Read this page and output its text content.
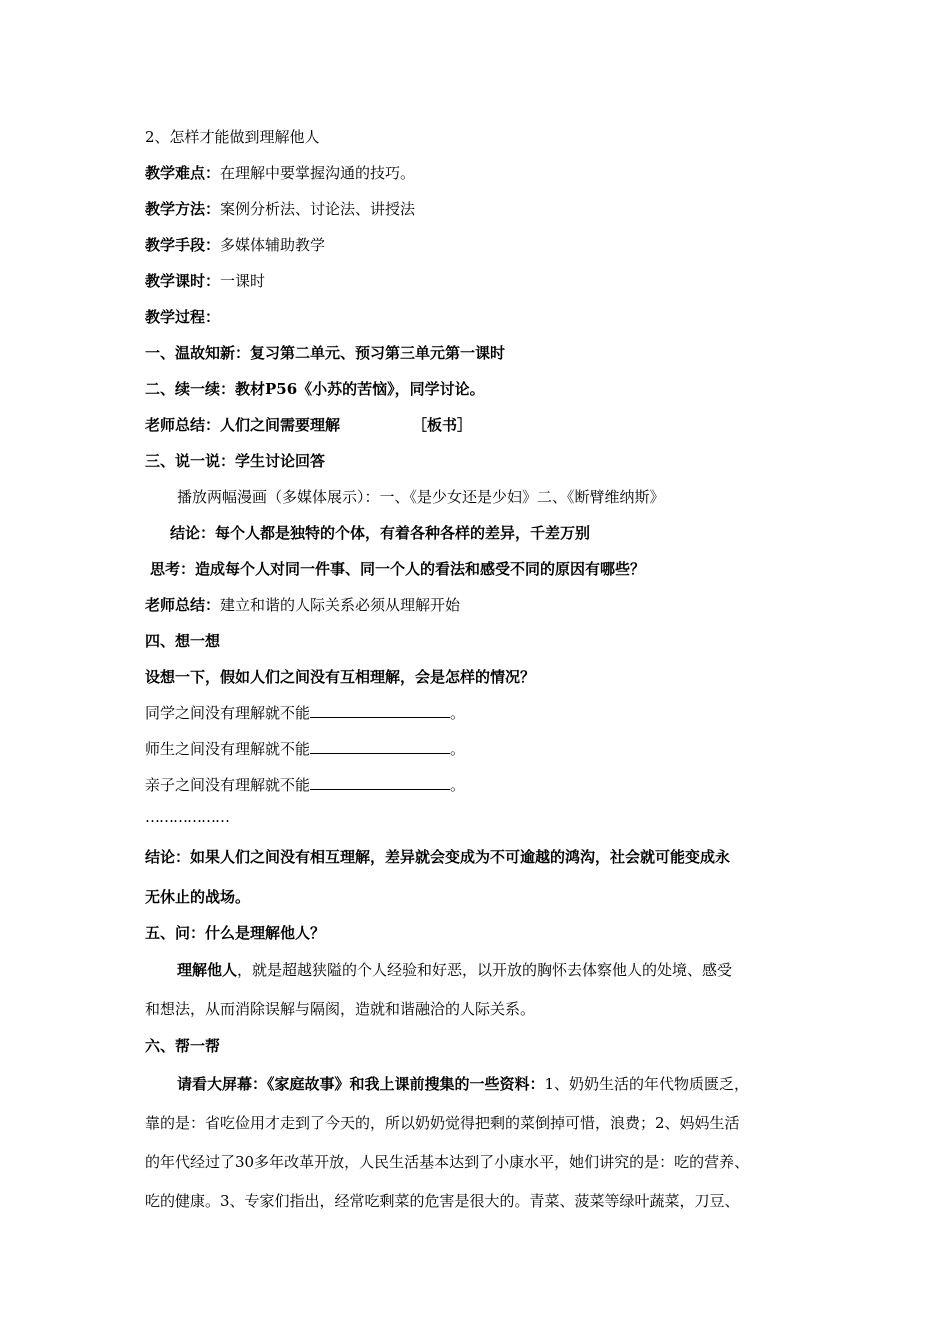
2、怎样才能做到理解他人
教学难点：在理解中要掌握沟通的技巧。
教学方法：案例分析法、讨论法、讲授法
教学手段：多媒体辅助教学
教学课时：一课时
教学过程：
一、温故知新：复习第二单元、预习第三单元第一课时
二、续一续：教材P56《小苏的苦恼》，同学讨论。
老师总结：人们之间需要理解	［板书］
三、说一说：学生讨论回答
播放两幅漫画（多媒体展示）：一、《是少女还是少妇》二、《断臂维纳斯》
结论：每个人都是独特的个体，有着各种各样的差异，千差万别
思考：造成每个人对同一件事、同一个人的看法和感受不同的原因有哪些？
老师总结：建立和谐的人际关系必须从理解开始
四、想一想
设想一下，假如人们之间没有互相理解，会是怎样的情况？
同学之间没有理解就不能	。
师生之间没有理解就不能	。
亲子之间没有理解就不能	。
………………
结论：如果人们之间没有相互理解，差异就会变成为不可逾越的鸿沟，社会就可能变成永
无休止的战场。
五、问：什么是理解他人？
理解他人，就是超越狭隘的个人经验和好恶，以开放的胸怀去体察他人的处境、感受
和想法，从而消除误解与隔阂，造就和谐融洽的人际关系。
六、帮一帮
请看大屏幕：《家庭故事》和我上课前搜集的一些资料：1、奶奶生活的年代物质匮乏，
靠的是：省吃俭用才走到了今天的，所以奶奶觉得把剩的菜倒掉可惜，浪费；2、妈妈生活
的年代经过了30多年改革开放，人民生活基本达到了小康水平，她们讲究的是：吃的营养、
吃的健康。3、专家们指出，经常吃剩菜的危害是很大的。青菜、菠菜等绿叶蔬菜，刀豆、
